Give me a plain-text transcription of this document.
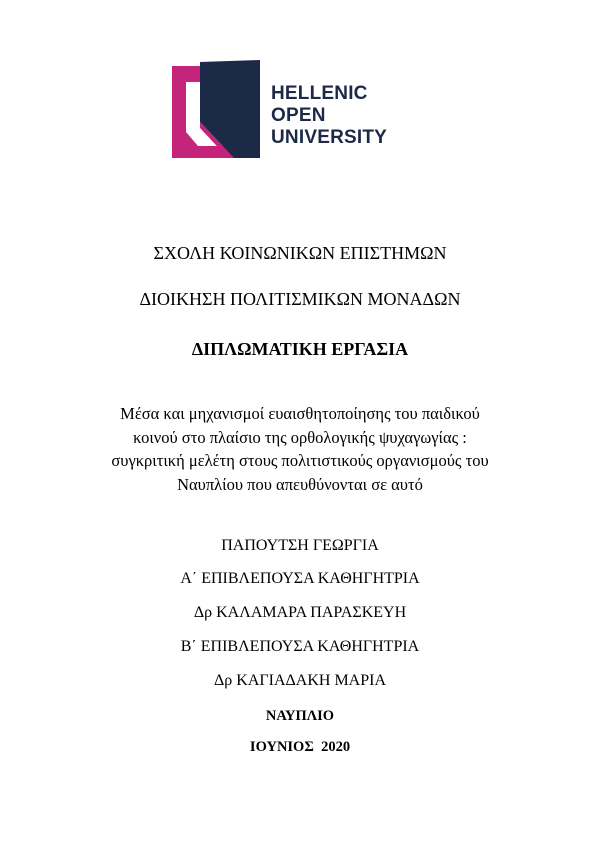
HELLENIC
OPEN
UNIVERSITY
ΣΧΟΛΗ ΚΟΙΝΩΝΙΚΩΝ ΕΠΙΣΤΗΜΩΝ
ΔΙΟΙΚΗΣΗ ΠΟΛΙΤΙΣΜΙΚΩΝ ΜΟΝΑΔΩΝ
ΔΙΠΛΩΜΑΤΙΚΗ ΕΡΓΑΣΙΑ
Μέσα και μηχανισμοί ευαισθητοποίησης του παιδικού
κοινού στο πλαίσιο της ορθολογικής ψυχαγωγίας :
συγκριτική μελέτη στους πολιτιστικούς οργανισμούς του
Ναυπλίου που απευθύνονται σε αυτό
ΠΑΠΟΥΤΣΗ ΓΕΩΡΓΙΑ
Α΄ ΕΠΙΒΛΕΠΟΥΣΑ ΚΑΘΗΓΗΤΡΙΑ
Δρ ΚΑΛΑΜΑΡΑ ΠΑΡΑΣΚΕΥΗ
Β΄ ΕΠΙΒΛΕΠΟΥΣΑ ΚΑΘΗΓΗΤΡΙΑ
Δρ ΚΑΓΙΑΔΑΚΗ ΜΑΡΙΑ
ΝΑΥΠΛΙΟ
ΙΟΥΝΙΟΣ  2020
